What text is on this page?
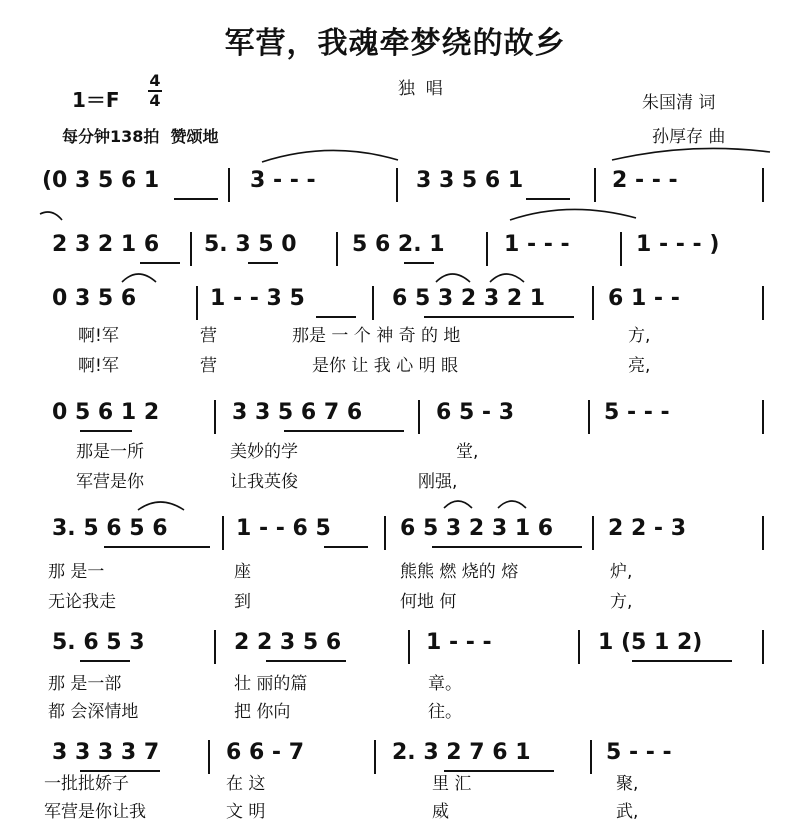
军营，我魂牵梦绕的故乡
独  唱
1＝F
4
4
每分钟138拍  赞颂地
朱国清 词
孙厚存 曲
(0 3 5 6 1	3 - - -	3 3 5 6 1	2 - - -
2 3 2 1 6 5. 3 5 0	5 6 2. 1	1 - - -	1 - - - )
0 3 5 6	1 - - 3 5	6 5 3 2 3 2 1	6 1 - -
啊!军	营	那是 一 个 神 奇 的 地	方,
啊!军	营	是你 让 我 心 明 眼	亮,
0 5 6 1 2	3 3 5 6 7 6	6 5 - 3	5 - - -
那是一所	美妙的学	堂,
军营是你	让我英俊	刚强,
3. 5 6 5 6	1 - - 6 5	6 5 3 2 3 1 6 2 2 - 3
那 是一	座	熊熊 燃 烧的 熔	炉,
无论我走	到	何地 何	方,
5. 6 5 3	2 2 3 5 6	1 - - -	1 (5 1 2)
那 是一部	壮 丽的篇	章。
都 会深情地	把 你向	往。
3 3 3 3 7	6 6 - 7	2. 3 2 7 6 1	5 - - -
一批批娇子	在 这	里 汇	聚,
军营是你让我	文 明	威	武,
